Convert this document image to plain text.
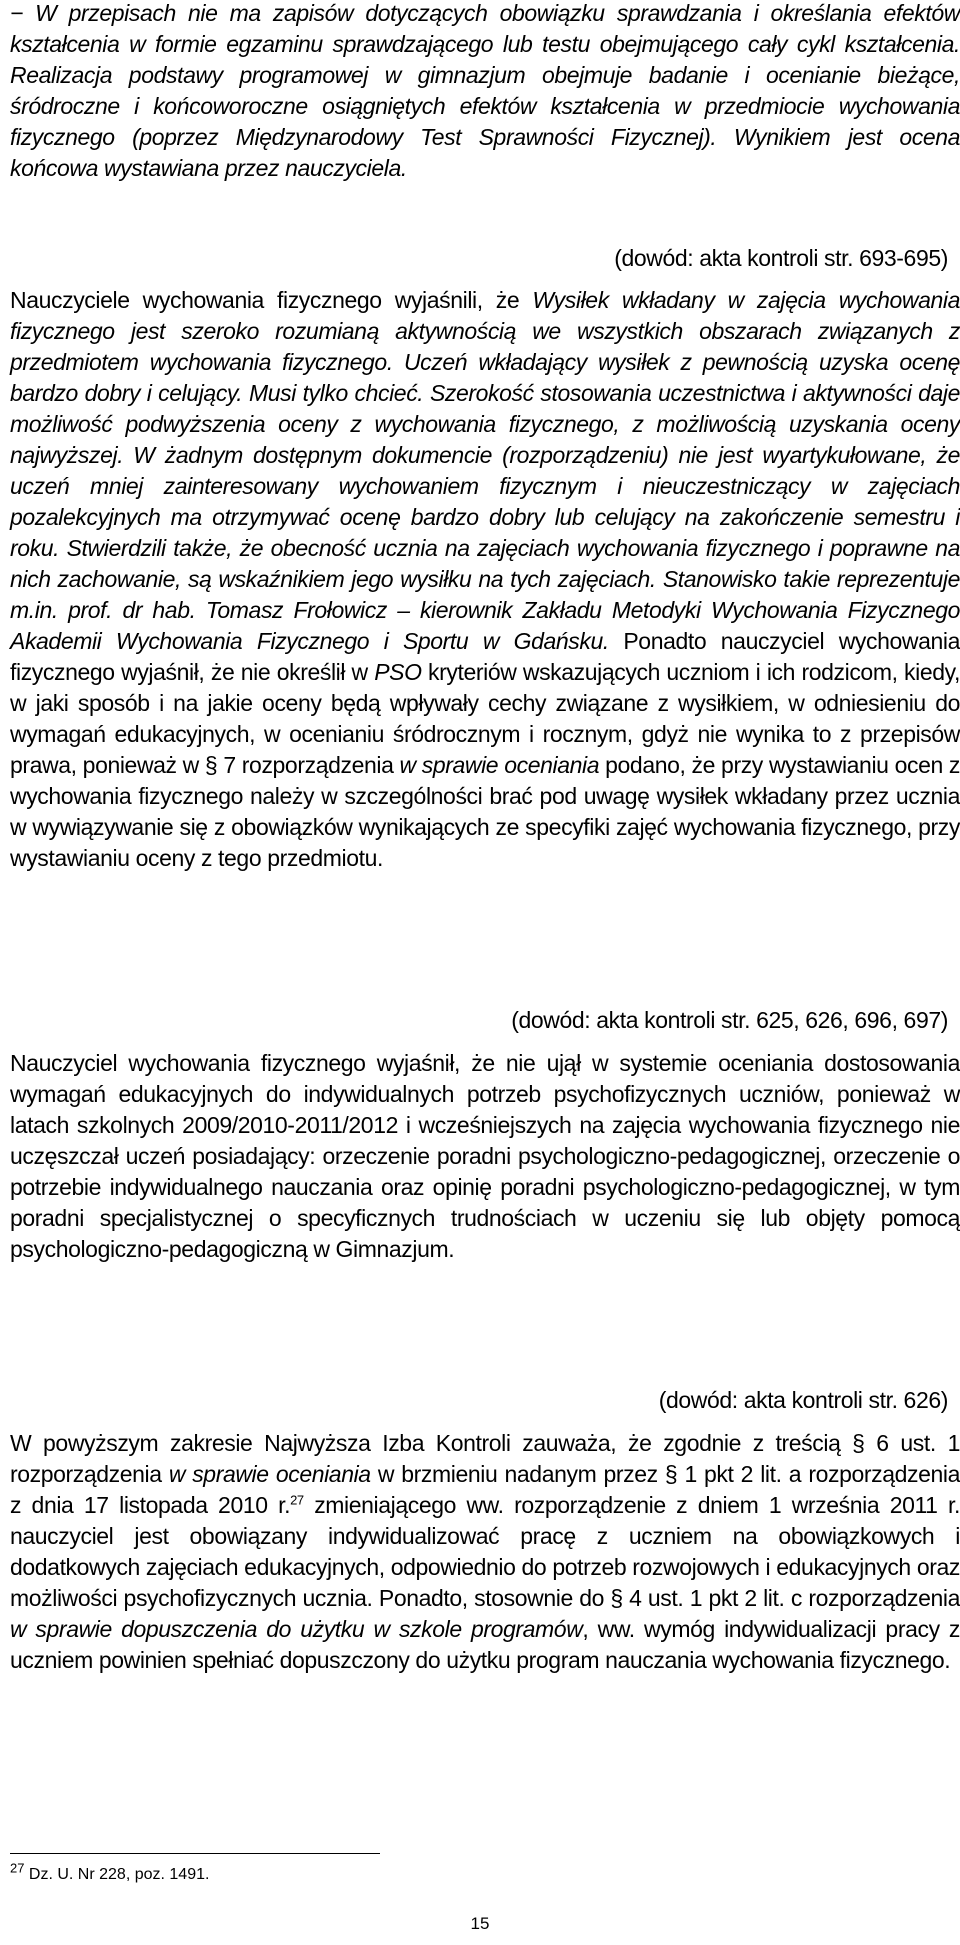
− W przepisach nie ma zapisów dotyczących obowiązku sprawdzania i określania efektów kształcenia w formie egzaminu sprawdzającego lub testu obejmującego cały cykl kształcenia. Realizacja podstawy programowej w gimnazjum obejmuje badanie i ocenianie bieżące, śródroczne i końcoworoczne osiągniętych efektów kształcenia w przedmiocie wychowania fizycznego (poprzez Międzynarodowy Test Sprawności Fizycznej). Wynikiem jest ocena końcowa wystawiana przez nauczyciela.

(dowód: akta kontroli str. 693-695)

Nauczyciele wychowania fizycznego wyjaśnili, że Wysiłek wkładany w zajęcia wychowania fizycznego jest szeroko rozumianą aktywnością we wszystkich obszarach związanych z przedmiotem wychowania fizycznego. Uczeń wkładający wysiłek z pewnością uzyska ocenę bardzo dobry i celujący. Musi tylko chcieć. Szerokość stosowania uczestnictwa i aktywności daje możliwość podwyższenia oceny z wychowania fizycznego, z możliwością uzyskania oceny najwyższej. W żadnym dostępnym dokumencie (rozporządzeniu) nie jest wyartykułowane, że uczeń mniej zainteresowany wychowaniem fizycznym i nieuczestniczący w zajęciach pozalekcyjnych ma otrzymywać ocenę bardzo dobry lub celujący na zakończenie semestru i roku. Stwierdzili także, że obecność ucznia na zajęciach wychowania fizycznego i poprawne na nich zachowanie, są wskaźnikiem jego wysiłku na tych zajęciach. Stanowisko takie reprezentuje m.in. prof. dr hab. Tomasz Frołowicz – kierownik Zakładu Metodyki Wychowania Fizycznego Akademii Wychowania Fizycznego i Sportu w Gdańsku. Ponadto nauczyciel wychowania fizycznego wyjaśnił, że nie określił w PSO kryteriów wskazujących uczniom i ich rodzicom, kiedy, w jaki sposób i na jakie oceny będą wpływały cechy związane z wysiłkiem, w odniesieniu do wymagań edukacyjnych, w ocenianiu śródrocznym i rocznym, gdyż nie wynika to z przepisów prawa, ponieważ w § 7 rozporządzenia w sprawie oceniania podano, że przy wystawianiu ocen z wychowania fizycznego należy w szczególności brać pod uwagę wysiłek wkładany przez ucznia w wywiązywanie się z obowiązków wynikających ze specyfiki zajęć wychowania fizycznego, przy wystawianiu oceny z tego przedmiotu.

(dowód: akta kontroli str. 625, 626, 696, 697)

Nauczyciel wychowania fizycznego wyjaśnił, że nie ujął w systemie oceniania dostosowania wymagań edukacyjnych do indywidualnych potrzeb psychofizycznych uczniów, ponieważ w latach szkolnych 2009/2010-2011/2012 i wcześniejszych na zajęcia wychowania fizycznego nie uczęszczał uczeń posiadający: orzeczenie poradni psychologiczno-pedagogicznej, orzeczenie o potrzebie indywidualnego nauczania oraz opinię poradni psychologiczno-pedagogicznej, w tym poradni specjalistycznej o specyficznych trudnościach w uczeniu się lub objęty pomocą psychologiczno-pedagogiczną w Gimnazjum.

(dowód: akta kontroli str. 626)

W powyższym zakresie Najwyższa Izba Kontroli zauważa, że zgodnie z treścią § 6 ust. 1 rozporządzenia w sprawie oceniania w brzmieniu nadanym przez § 1 pkt 2 lit. a rozporządzenia z dnia 17 listopada 2010 r.$^{27}$ zmieniającego ww. rozporządzenie z dniem 1 września 2011 r. nauczyciel jest obowiązany indywidualizować pracę z uczniem na obowiązkowych i dodatkowych zajęciach edukacyjnych, odpowiednio do potrzeb rozwojowych i edukacyjnych oraz możliwości psychofizycznych ucznia. Ponadto, stosownie do § 4 ust. 1 pkt 2 lit. c rozporządzenia w sprawie dopuszczenia do użytku w szkole programów, ww. wymóg indywidualizacji pracy z uczniem powinien spełniać dopuszczony do użytku program nauczania wychowania fizycznego.

$^{27}$ Dz. U. Nr 228, poz. 1491.
15
